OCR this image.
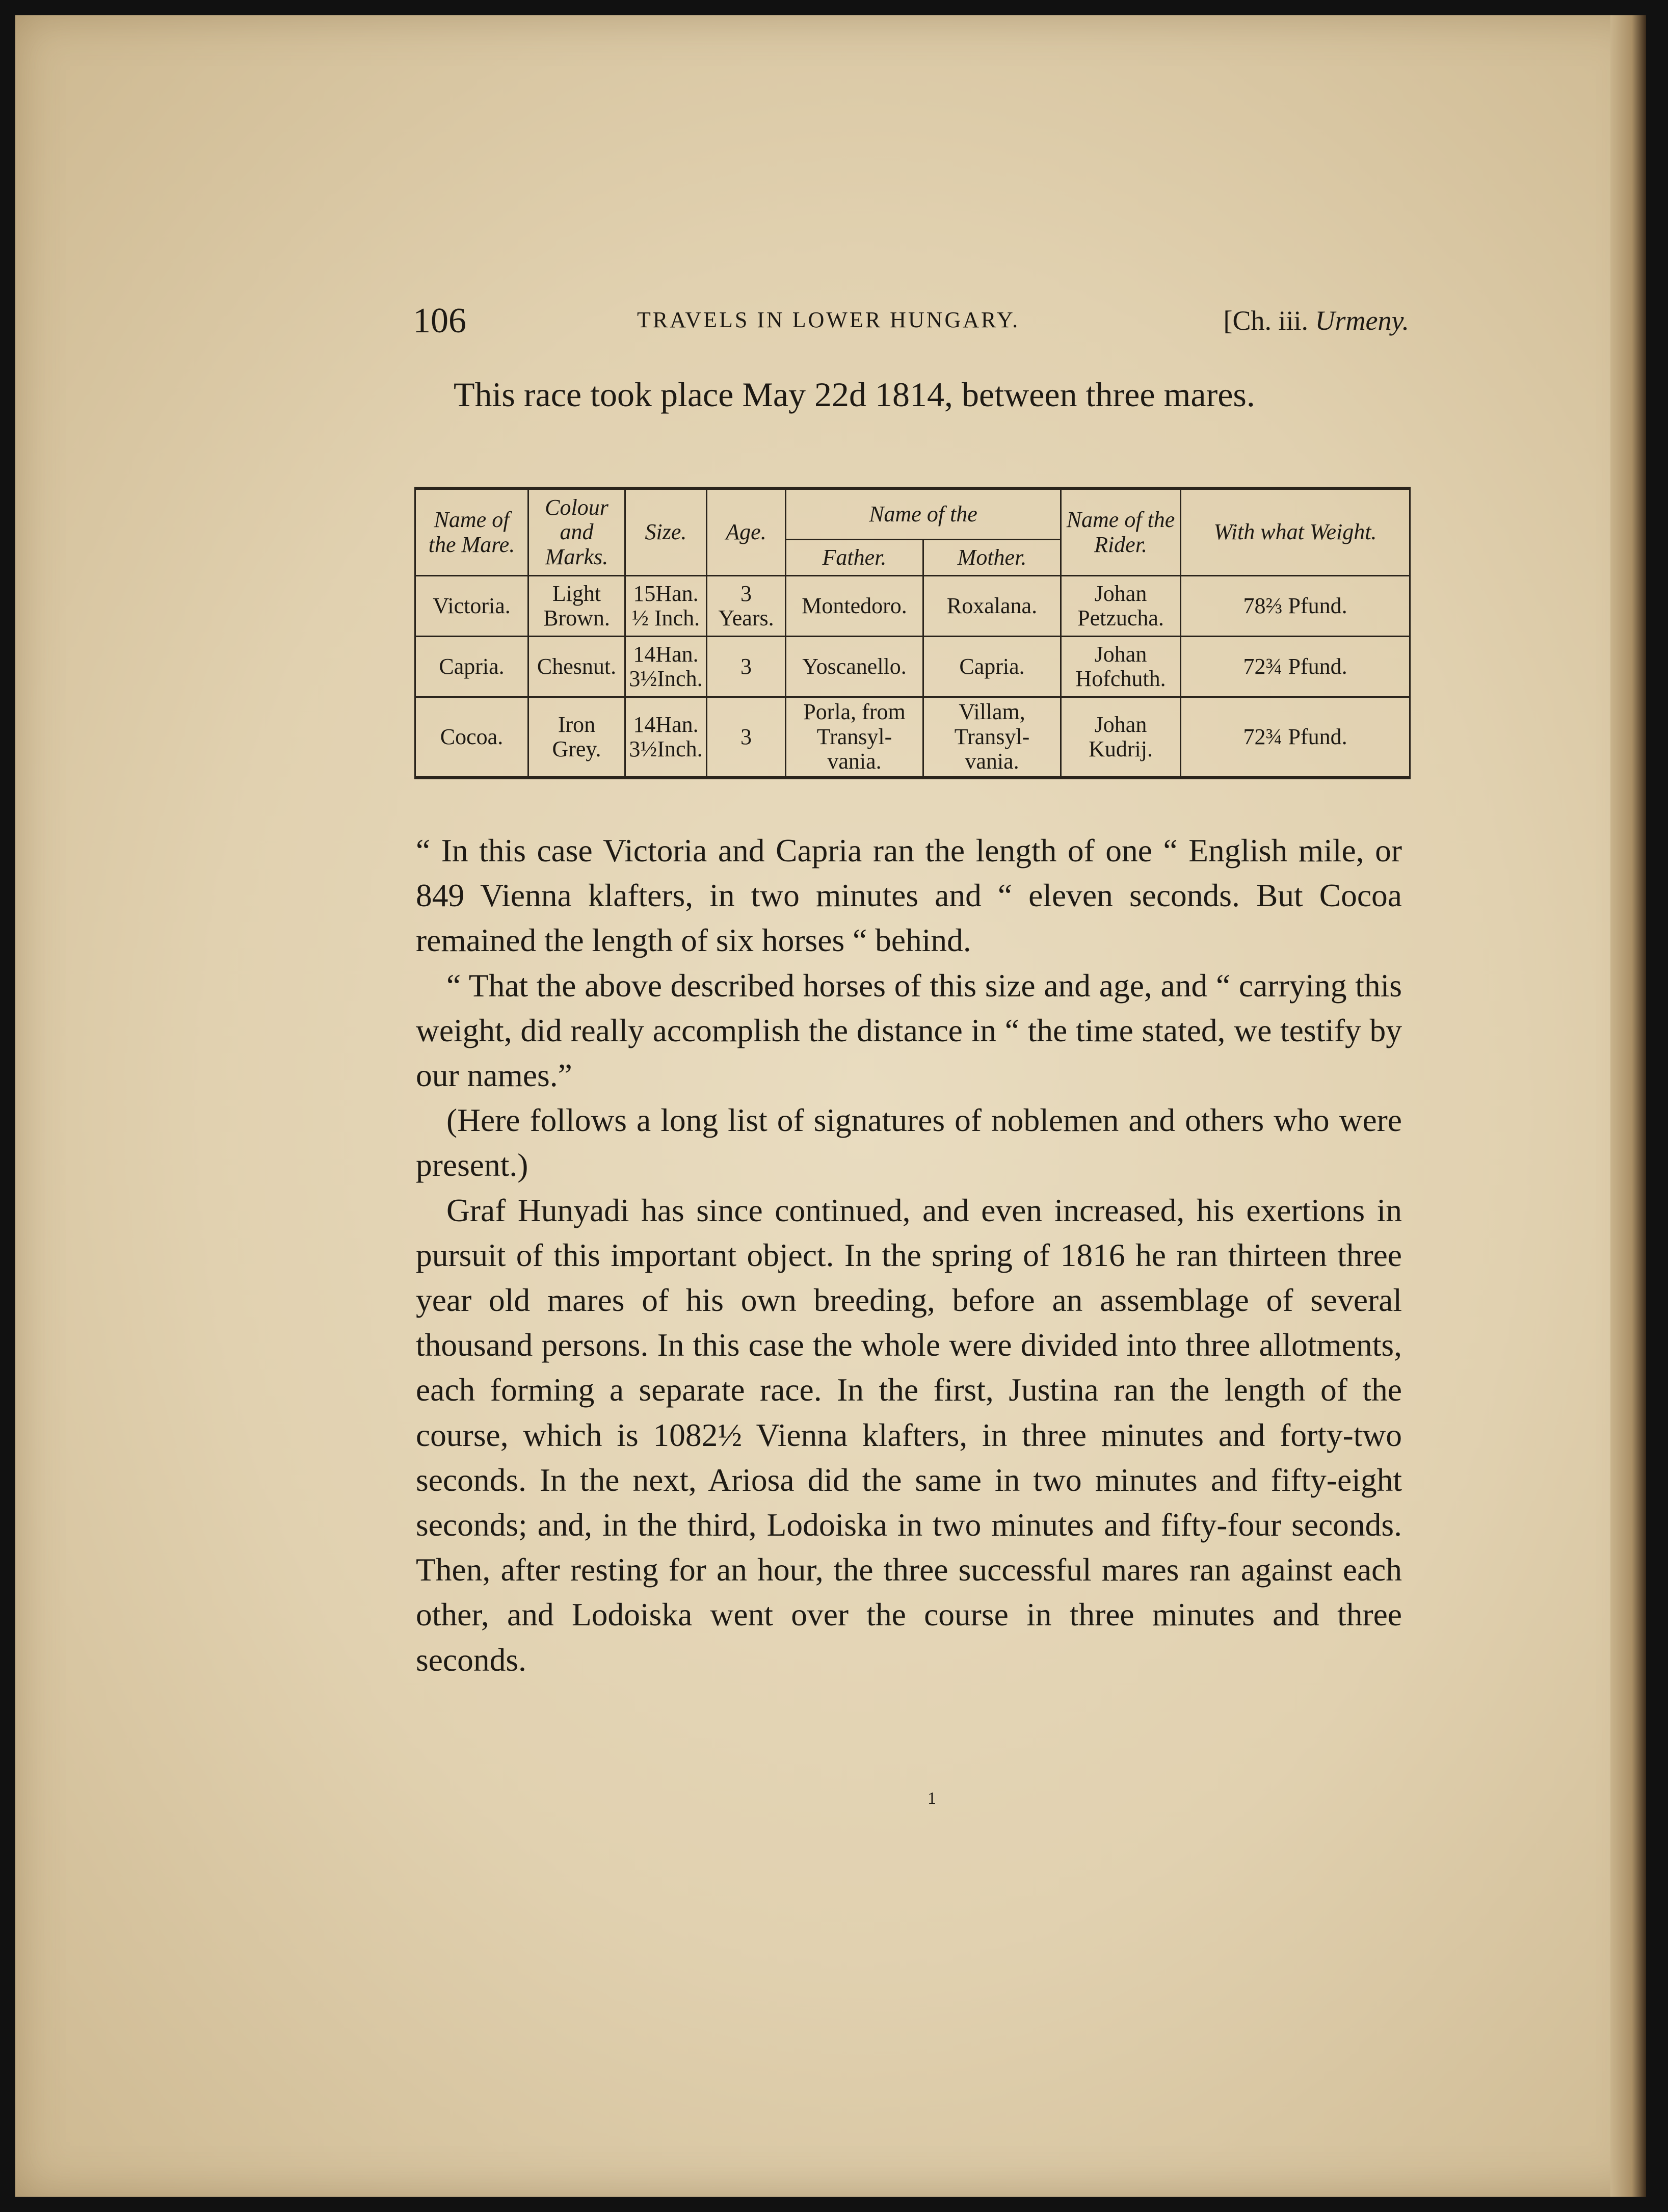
106	TRAVELS IN LOWER HUNGARY.	[Ch. iii. Urmeny.
This race took place May 22d 1814, between three mares.
Name of the Mare.	Colour and Marks.	Size.	Age.	Name of the		Name of the Rider.	With what Weight.
				Father.	Mother.		
Victoria.	Light Brown.	15Han. ½ Inch.	3 Years.	Montedoro.	Roxalana.	Johan Petzucha.	78⅔ Pfund.
Capria.	Chesnut.	14Han. 3½Inch.	3	Yoscanello.	Capria.	Johan Hofchuth.	72¾ Pfund.
Cocoa.	Iron Grey.	14Han. 3½Inch.	3	Porla, from Transyl- vania.	Villam, Transyl- vania.	Johan Kudrij.	72¾ Pfund.

“ In this case Victoria and Capria ran the length of one “ English mile, or 849 Vienna klafters, in two minutes and “ eleven seconds. But Cocoa remained the length of six horses “ behind.

“ That the above described horses of this size and age, and “ carrying this weight, did really accomplish the distance in “ the time stated, we testify by our names.”

(Here follows a long list of signatures of noblemen and others who were present.)

Graf Hunyadi has since continued, and even increased, his exertions in pursuit of this important object. In the spring of 1816 he ran thirteen three year old mares of his own breeding, before an assemblage of several thousand persons. In this case the whole were divided into three allotments, each forming a separate race. In the first, Justina ran the length of the course, which is 1082½ Vienna klafters, in three minutes and forty-two seconds. In the next, Ariosa did the same in two minutes and fifty-eight seconds; and, in the third, Lodoiska in two minutes and fifty-four seconds. Then, after resting for an hour, the three successful mares ran against each other, and Lodoiska went over the course in three minutes and three seconds.

1
